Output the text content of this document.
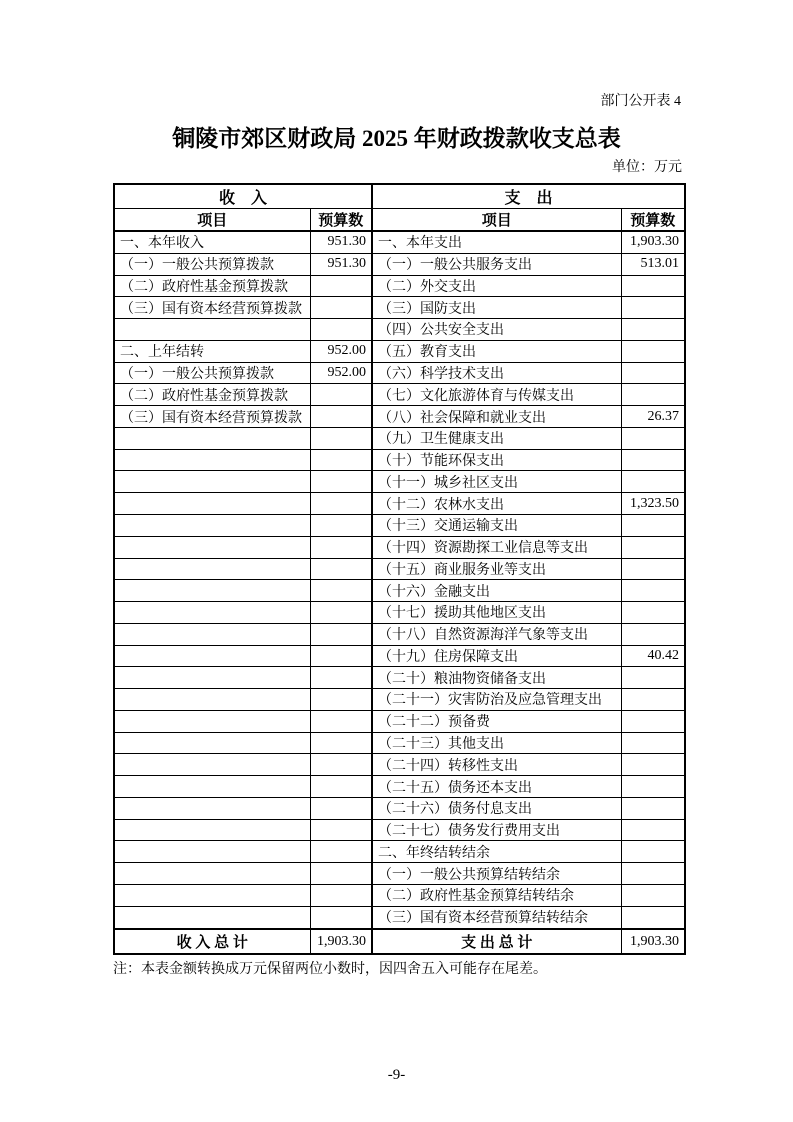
部门公开表 4
铜陵市郊区财政局 2025 年财政拨款收支总表
单位：万元
收　入		支　出	
项目	预算数	项目	预算数
一、本年收入	951.30	一、本年支出	1,903.30
（一）一般公共预算拨款	951.30	（一）一般公共服务支出	513.01
（二）政府性基金预算拨款		（二）外交支出	
（三）国有资本经营预算拨款		（三）国防支出	
		（四）公共安全支出	
二、上年结转	952.00	（五）教育支出	
（一）一般公共预算拨款	952.00	（六）科学技术支出	
（二）政府性基金预算拨款		（七）文化旅游体育与传媒支出	
（三）国有资本经营预算拨款		（八）社会保障和就业支出	26.37
		（九）卫生健康支出	
		（十）节能环保支出	
		（十一）城乡社区支出	
		（十二）农林水支出	1,323.50
		（十三）交通运输支出	
		（十四）资源勘探工业信息等支出	
		（十五）商业服务业等支出	
		（十六）金融支出	
		（十七）援助其他地区支出	
		（十八）自然资源海洋气象等支出	
		（十九）住房保障支出	40.42
		（二十）粮油物资储备支出	
		（二十一）灾害防治及应急管理支出	
		（二十二）预备费	
		（二十三）其他支出	
		（二十四）转移性支出	
		（二十五）债务还本支出	
		（二十六）债务付息支出	
		（二十七）债务发行费用支出	
		二、年终结转结余	
		（一）一般公共预算结转结余	
		（二）政府性基金预算结转结余	
		（三）国有资本经营预算结转结余	

收 入 总 计	1,903.30	支 出 总 计	1,903.30
注：本表金额转换成万元保留两位小数时，因四舍五入可能存在尾差。
-9-
